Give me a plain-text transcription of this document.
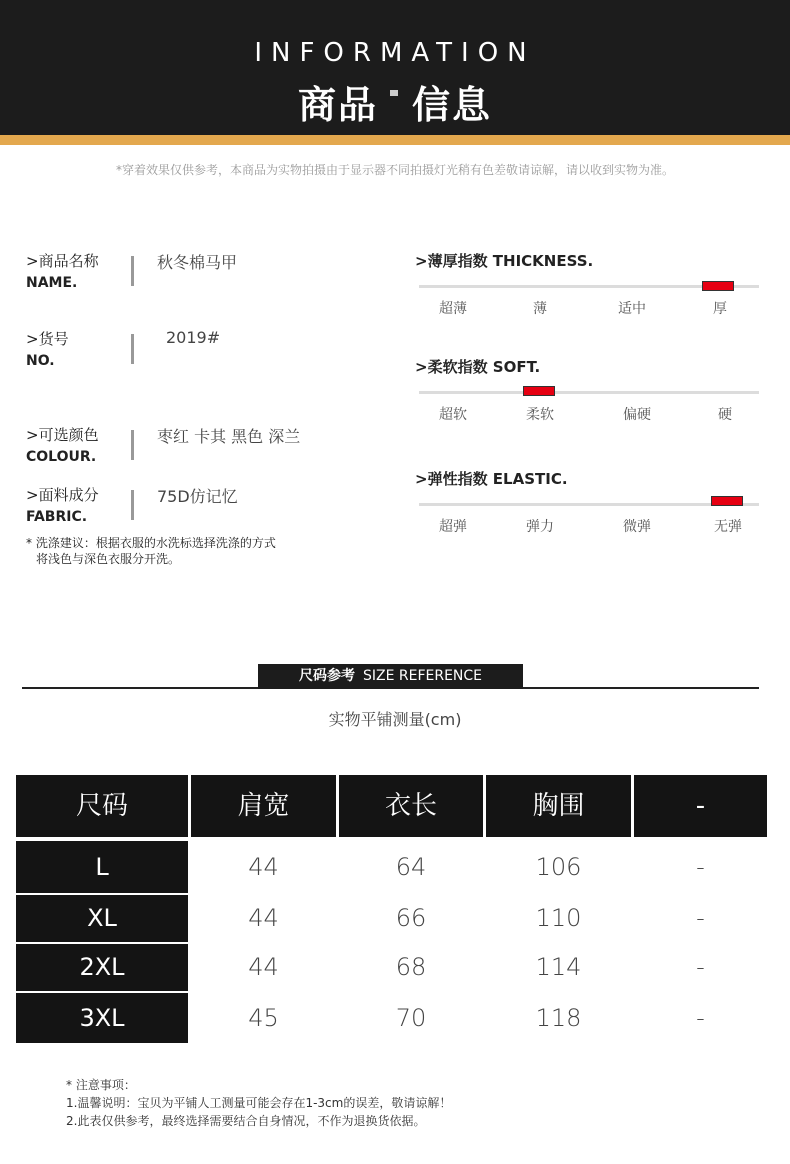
INFORMATION
商品 信息
*穿着效果仅供参考，本商品为实物拍摄由于显示器不同拍摄灯光稍有色差敬请谅解，请以收到实物为准。
>商品名称
NAME.
秋冬棉马甲
>货号
NO.
2019#
>可选颜色
COLOUR.
枣红 卡其 黑色 深兰
>面料成分
FABRIC.
75D仿记忆
* 洗涤建议：根据衣服的水洗标选择洗涤的方式
将浅色与深色衣服分开洗。
>薄厚指数 THICKNESS.
超薄	薄	适中	厚
>柔软指数 SOFT.
超软	柔软	偏硬	硬
>弹性指数 ELASTIC.
超弹	弹力	微弹	无弹
尺码参考 SIZE REFERENCE
实物平铺测量(cm)
尺码	肩宽	衣长	胸围	-
L	44	64	106	-
XL	44	66	110	-
2XL	44	68	114	-
3XL	45	70	118	-
* 注意事项：
1.温馨说明：宝贝为平铺人工测量可能会存在1-3cm的误差，敬请谅解！
2.此表仅供参考，最终选择需要结合自身情况，不作为退换货依据。
